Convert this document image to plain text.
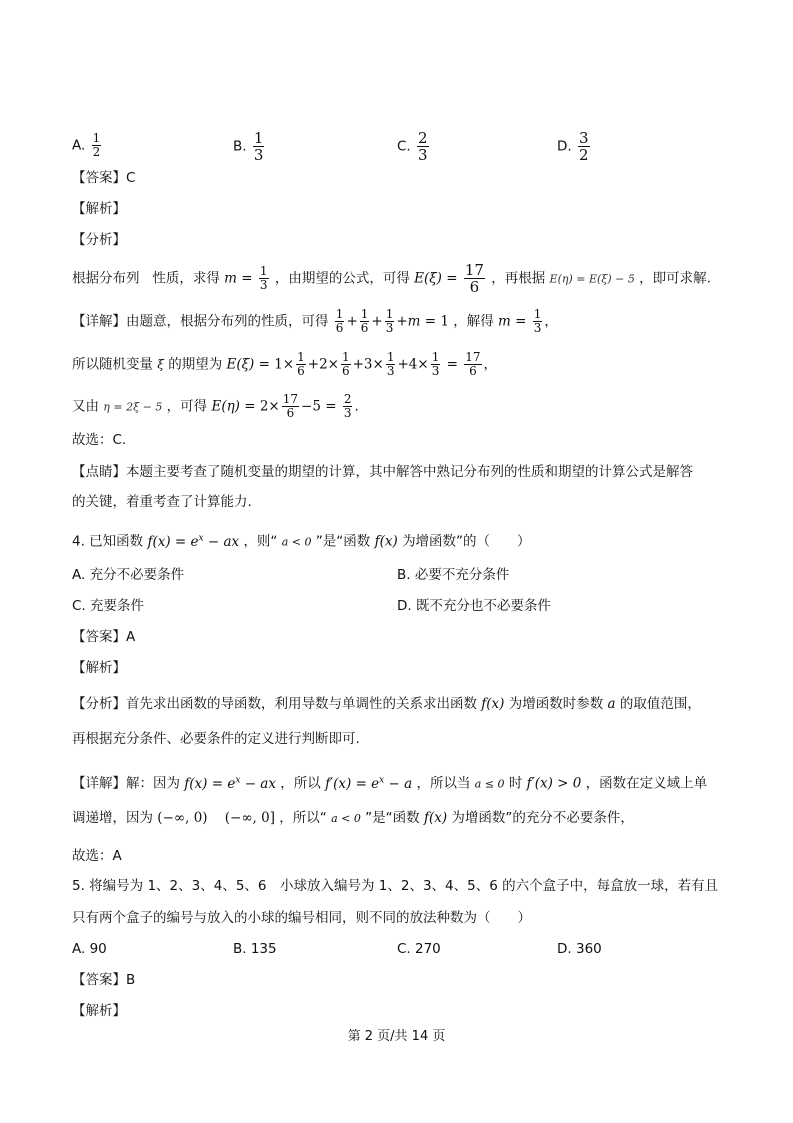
A. $\frac{1}{2}$	B. $\frac{1}{3}$	C. $\frac{2}{3}$	D. $\frac{3}{2}$
【答案】C
【解析】
【分析】
根据分布列 性质，求得 $m = \frac{1}{3}$ ，由期望的公式，可得 $E(\xi) = \frac{17}{6}$ ，再根据 E(η) = E(ξ) − 5 ，即可求解.
【详解】由题意，根据分布列的性质，可得 $\frac{1}{6} + \frac{1}{6} + \frac{1}{3} +m = 1$ ，解得 $m = \frac{1}{3}$ ，
所以随机变量 ξ 的期望为 $E(\xi) = 1\times \frac{1}{6} +2\times \frac{1}{6} +3\times \frac{1}{3} +4\times \frac{1}{3} = \frac{17}{6}$ ，
又由 η = 2ξ − 5 ，可得 $E(\eta) = 2\times \frac{17}{6} -5 = \frac{2}{3}$ .
故选：C.
【点睛】本题主要考查了随机变量的期望的计算，其中解答中熟记分布列的性质和期望的计算公式是解答
的关键，着重考查了计算能力.
4. 已知函数 $f(x) = e^x$ − ax ，则“ a < 0 ”是“函数 f(x) 为增函数”的（　　）
A. 充分不必要条件	B. 必要不充分条件
C. 充要条件	D. 既不充分也不必要条件
【答案】A
【解析】
【分析】首先求出函数的导函数，利用导数与单调性的关系求出函数 f(x) 为增函数时参数 a 的取值范围，
再根据充分条件、必要条件的定义进行判断即可.
【详解】解：因为 $f(x) = e^x$ − ax ，所以 $f'(x) = e^x - a$ ，所以当 a ≤ 0 时 f′(x) > 0 ，函数在定义域上单
调递增，因为 (−∞, 0) (−∞, 0] ，所以“ a < 0 ”是“函数 f(x) 为增函数”的充分不必要条件，
故选：A
5. 将编号为 1、2、3、4、5、6　小球放入编号为 1、2、3、4、5、6 的六个盒子中，每盒放一球，若有且
只有两个盒子的编号与放入的小球的编号相同，则不同的放法种数为（　　）
A. 90	B. 135	C. 270	D. 360
【答案】B
【解析】
第 2 页/共 14 页
